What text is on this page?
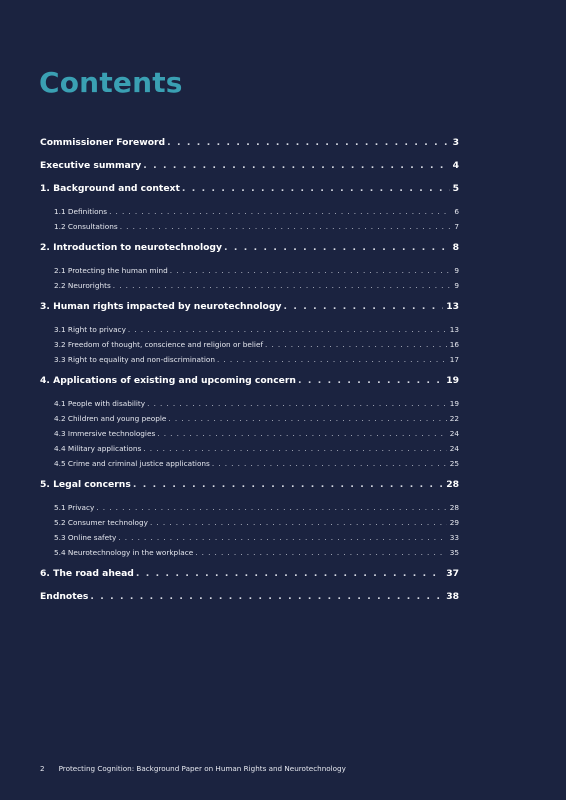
Contents
Commissioner Foreword . . .	3
Executive summary . . .	4
1. Background and context . . .	5
1.1 Definitions . . .	6
1.2 Consultations . . .	7
2. Introduction to neurotechnology . . .	8
2.1 Protecting the human mind . . .	9
2.2 Neurorights . . .	9
3. Human rights impacted by neurotechnology . . .	13
3.1 Right to privacy . . .	13
3.2 Freedom of thought, conscience and religion or belief . . .	16
3.3 Right to equality and non-discrimination . . .	17
4. Applications of existing and upcoming concern . . .	19
4.1 People with disability . . .	19
4.2 Children and young people . . .	22
4.3 Immersive technologies . . .	24
4.4 Military applications . . .	24
4.5 Crime and criminal justice applications . . .	25
5. Legal concerns . . .	28
5.1 Privacy . . .	28
5.2 Consumer technology . . .	29
5.3 Online safety . . .	33
5.4 Neurotechnology in the workplace . . .	35
6. The road ahead . . .	37
Endnotes . . .	38
2 Protecting Cognition: Background Paper on Human Rights and Neurotechnology
